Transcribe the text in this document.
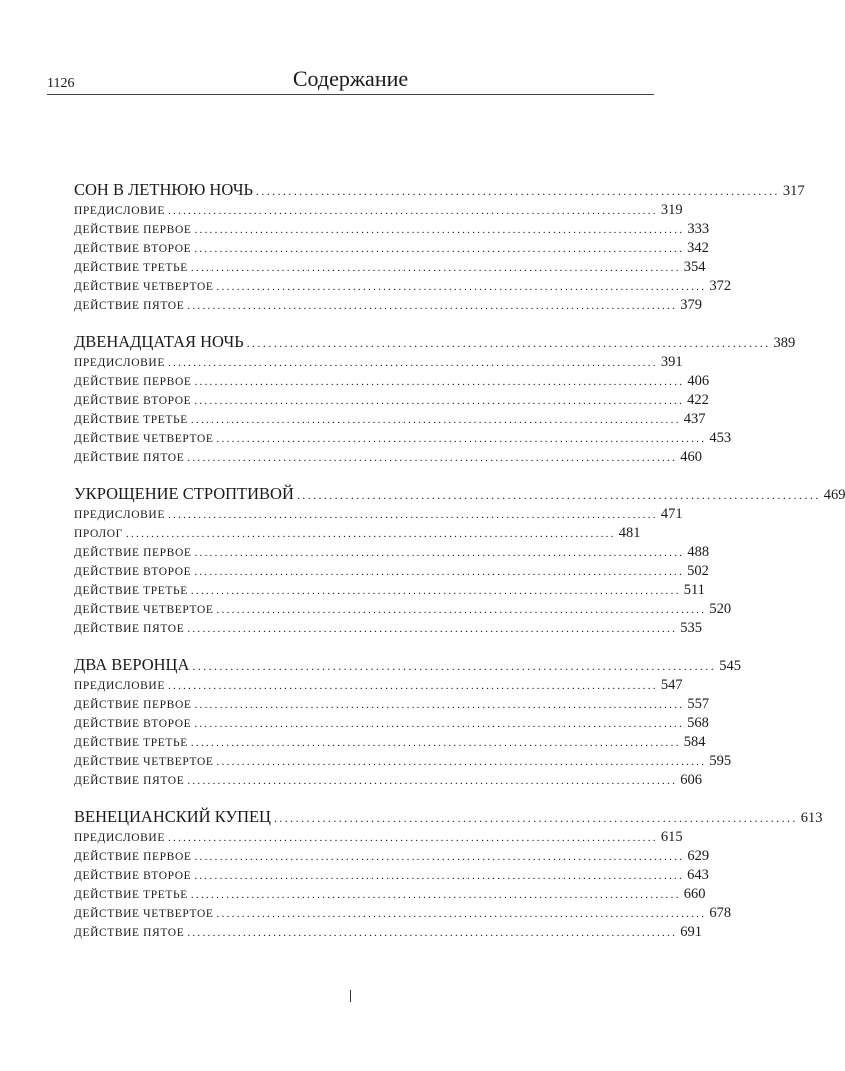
1126	Содержание
СОН В ЛЕТНЮЮ НОЧЬ ................................................................................................. 317
ПРЕДИСЛОВИЕ ................................................................................................. 319
ДЕЙСТВИЕ ПЕРВОЕ ................................................................................................. 333
ДЕЙСТВИЕ ВТОРОЕ ................................................................................................. 342
ДЕЙСТВИЕ ТРЕТЬЕ ................................................................................................. 354
ДЕЙСТВИЕ ЧЕТВЕРТОЕ ................................................................................................. 372
ДЕЙСТВИЕ ПЯТОЕ ................................................................................................. 379
ДВЕНАДЦАТАЯ НОЧЬ ................................................................................................. 389
ПРЕДИСЛОВИЕ ................................................................................................. 391
ДЕЙСТВИЕ ПЕРВОЕ ................................................................................................. 406
ДЕЙСТВИЕ ВТОРОЕ ................................................................................................. 422
ДЕЙСТВИЕ ТРЕТЬЕ ................................................................................................. 437
ДЕЙСТВИЕ ЧЕТВЕРТОЕ ................................................................................................. 453
ДЕЙСТВИЕ ПЯТОЕ ................................................................................................. 460
УКРОЩЕНИЕ СТРОПТИВОЙ ................................................................................................. 469
ПРЕДИСЛОВИЕ ................................................................................................. 471
ПРОЛОГ ................................................................................................. 481
ДЕЙСТВИЕ ПЕРВОЕ ................................................................................................. 488
ДЕЙСТВИЕ ВТОРОЕ ................................................................................................. 502
ДЕЙСТВИЕ ТРЕТЬЕ ................................................................................................. 511
ДЕЙСТВИЕ ЧЕТВЕРТОЕ ................................................................................................. 520
ДЕЙСТВИЕ ПЯТОЕ ................................................................................................. 535
ДВА ВЕРОНЦА ................................................................................................. 545
ПРЕДИСЛОВИЕ ................................................................................................. 547
ДЕЙСТВИЕ ПЕРВОЕ ................................................................................................. 557
ДЕЙСТВИЕ ВТОРОЕ ................................................................................................. 568
ДЕЙСТВИЕ ТРЕТЬЕ ................................................................................................. 584
ДЕЙСТВИЕ ЧЕТВЕРТОЕ ................................................................................................. 595
ДЕЙСТВИЕ ПЯТОЕ ................................................................................................. 606
ВЕНЕЦИАНСКИЙ КУПЕЦ ................................................................................................. 613
ПРЕДИСЛОВИЕ ................................................................................................. 615
ДЕЙСТВИЕ ПЕРВОЕ ................................................................................................. 629
ДЕЙСТВИЕ ВТОРОЕ ................................................................................................. 643
ДЕЙСТВИЕ ТРЕТЬЕ ................................................................................................. 660
ДЕЙСТВИЕ ЧЕТВЕРТОЕ ................................................................................................. 678
ДЕЙСТВИЕ ПЯТОЕ ................................................................................................. 691
